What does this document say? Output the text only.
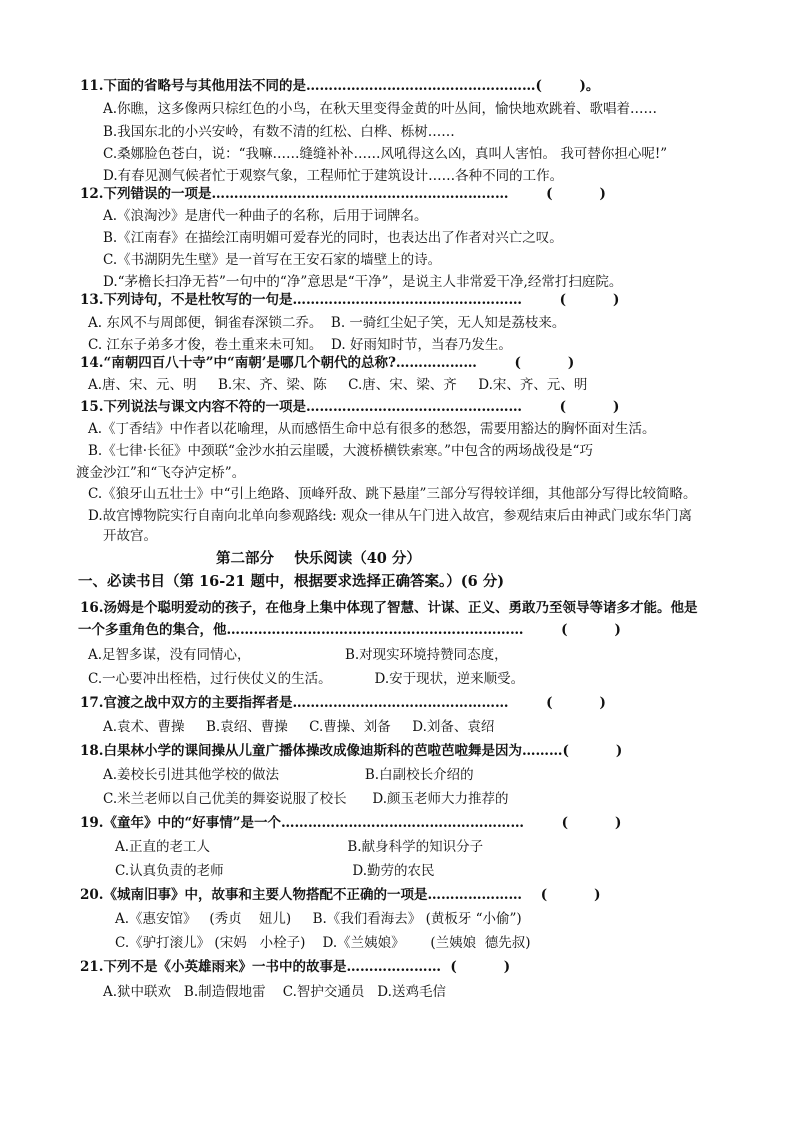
11.下面的省略号与其他用法不同的是……………………………………………(        )。
A.你瞧，这多像两只棕红色的小鸟，在秋天里变得金黄的叶丛间，愉快地欢跳着、歌唱着……
B.我国东北的小兴安岭，有数不清的红松、白桦、栎树……
C.桑娜脸色苍白，说：“我嘛……缝缝补补……风吼得这么凶，真叫人害怕。 我可替你担心呢!”
D.有春见测气候者忙于观察气象，工程师忙于建筑设计……各种不同的工作。
12.下列错误的一项是…………………………………………………………        (          )
A.《浪淘沙》是唐代一种曲子的名称，后用于词牌名。
B.《江南春》在描绘江南明媚可爱春光的同时，也表达出了作者对兴亡之叹。
C.《书湖阴先生壁》是一首写在王安石家的墙壁上的诗。
D.“茅檐长扫净无苔”一句中的“净”意思是“干净”，是说主人非常爱干净,经常打扫庭院。
13.下列诗句，不是杜牧写的一句是……………………………………………        (          )
A. 东风不与周郎便，铜雀春深锁二乔。  B. 一骑红尘妃子笑，无人知是荔枝来。
C. 江东子弟多才俊，卷土重来未可知。  D. 好雨知时节，当春乃发生。
14.“南朝四百八十寺”中“南朝’是哪几个朝代的总称?………………        (          )
A.唐、宋、元、明     B.宋、齐、梁、陈     C.唐、宋、梁、齐     D.宋、齐、元、明
15.下列说法与课文内容不符的一项是…………………………………………        (          )
A.《丁香结》中作者以花喻理，从而感悟生命中总有很多的愁怨，需要用豁达的胸怀面对生活。
B.《七律·长征》中颈联“金沙水拍云崖暖，大渡桥横铁索寒。”中包含的两场战役是“巧
渡金沙江”和“飞夺泸定桥”。
C.《狼牙山五壮士》中“引上绝路、顶峰歼敌、跳下悬崖”三部分写得较详细，其他部分写得比较简略。
D.故宫博物院实行自南向北单向参观路线: 观众一律从午门进入故宫，参观结束后由神武门或东华门离
开故宫。
第二部分    快乐阅读（40 分）
一、必读书目（第 16-21 题中，根据要求选择正确答案。）(6 分)
16.汤姆是个聪明爱动的孩子，在他身上集中体现了智慧、计谋、正义、勇敢乃至领导等诸多才能。他是
一个多重角色的集合，他…………………………………………………………        (          )
A.足智多谋，没有同情心，                      B.对现实环境持赞同态度，
C.一心要冲出桎梏，过行侠仗义的生活。          D.安于现状，逆来顺受。
17.官渡之战中双方的主要指挥者是…………………………………………        (          )
A.袁术、曹操     B.袁绍、曹操     C.曹操、刘备     D.刘备、袁绍
18.白果林小学的课间操从儿童广播体操改成像迪斯科的芭啦芭啦舞是因为………(          )
A.姜校长引进其他学校的做法                    B.白副校长介绍的
C.米兰老师以自己优美的舞姿说服了校长      D.颜玉老师大力推荐的
19.《童年》中的“好事情”是一个………………………………………………        (          )
A.正直的老工人                                B.献身科学的知识分子
C.认真负责的老师                              D.勤劳的农民
20.《城南旧事》中，故事和主要人物搭配不正确的一项是…………………    (          )
A.《惠安馆》   (秀贞    妞儿)     B.《我们看海去》 (黄板牙 “小偷”)
C.《驴打滚儿》 (宋妈   小栓子)    D.《兰姨娘》      (兰姨娘  德先叔)
21.下列不是《小英雄雨来》一书中的故事是…………………  (          )
A.狱中联欢   B.制造假地雷    C.智护交通员   D.送鸡毛信
